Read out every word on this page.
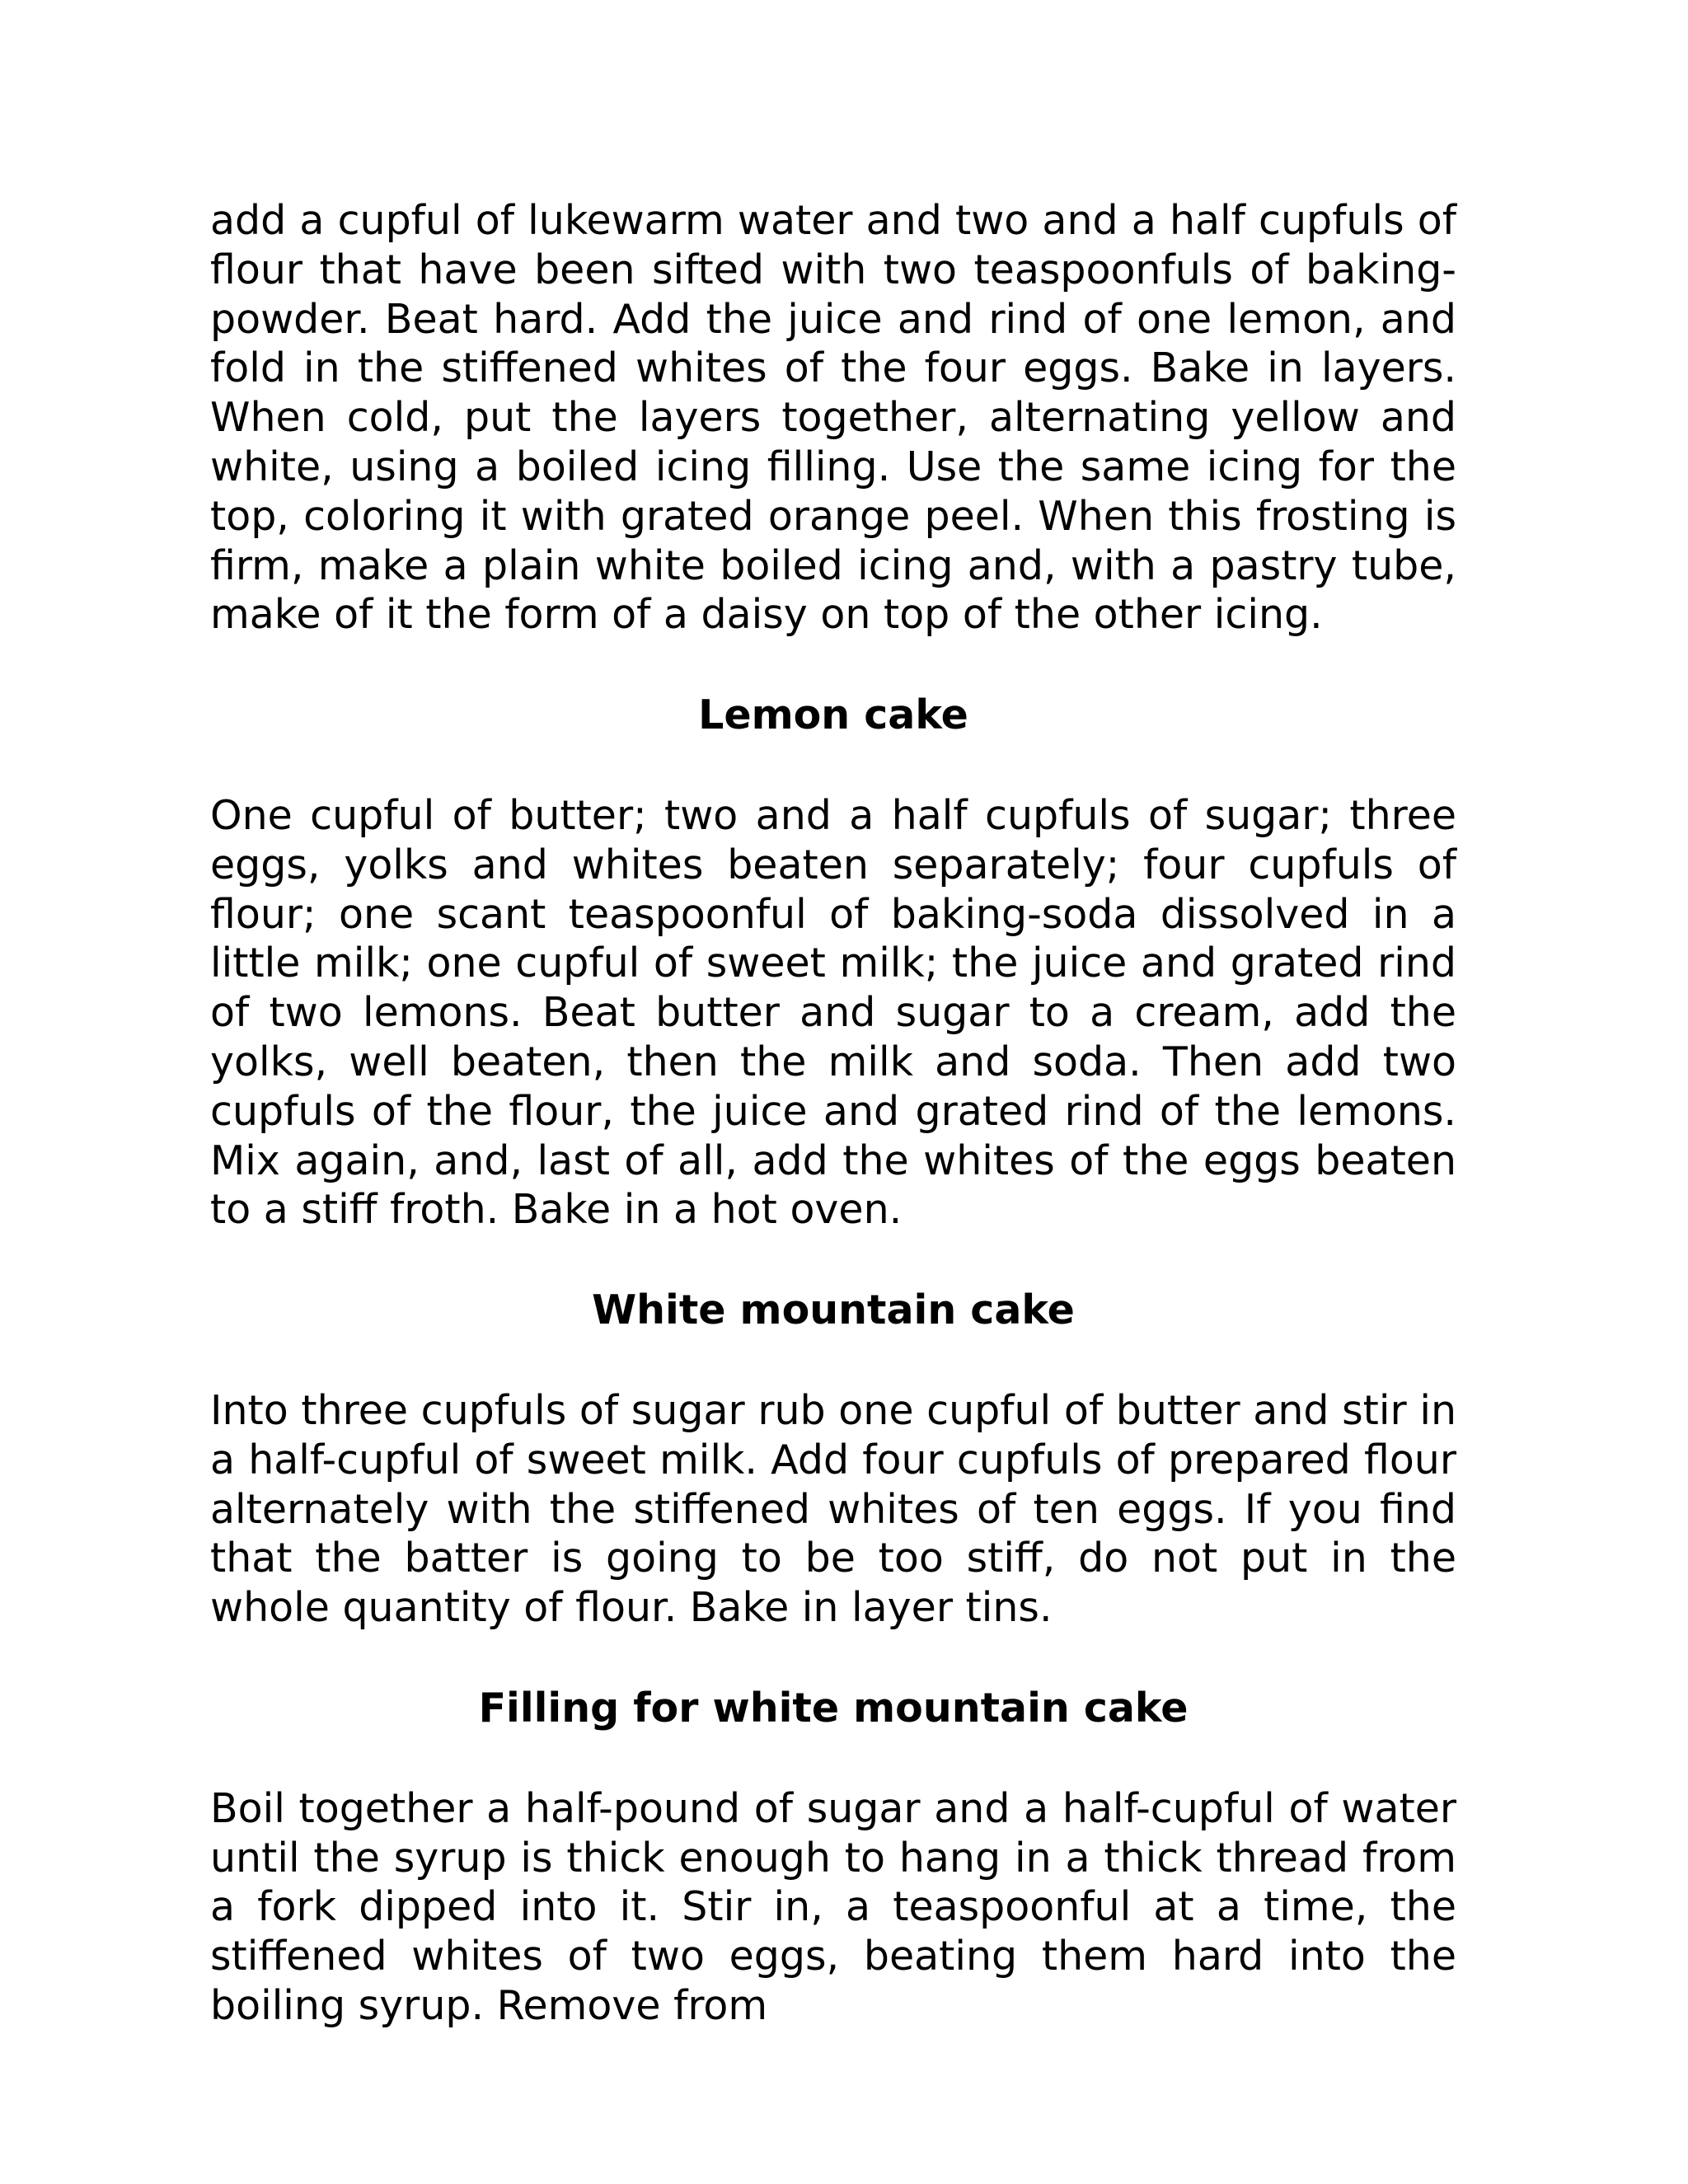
add a cupful of lukewarm water and two and a half cupfuls of flour that have been sifted with two teaspoonfuls of baking-powder. Beat hard. Add the juice and rind of one lemon, and fold in the stiffened whites of the four eggs. Bake in layers. When cold, put the layers together, alternating yellow and white, using a boiled icing filling. Use the same icing for the top, coloring it with grated orange peel. When this frosting is firm, make a plain white boiled icing and, with a pastry tube, make of it the form of a daisy on top of the other icing.

Lemon cake

One cupful of butter; two and a half cupfuls of sugar; three eggs, yolks and whites beaten separately; four cupfuls of flour; one scant teaspoonful of baking-soda dissolved in a little milk; one cupful of sweet milk; the juice and grated rind of two lemons. Beat butter and sugar to a cream, add the yolks, well beaten, then the milk and soda. Then add two cupfuls of the flour, the juice and grated rind of the lemons. Mix again, and, last of all, add the whites of the eggs beaten to a stiff froth. Bake in a hot oven.

White mountain cake

Into three cupfuls of sugar rub one cupful of butter and stir in a half-cupful of sweet milk. Add four cupfuls of prepared flour alternately with the stiffened whites of ten eggs. If you find that the batter is going to be too stiff, do not put in the whole quantity of flour. Bake in layer tins.

Filling for white mountain cake

Boil together a half-pound of sugar and a half-cupful of water until the syrup is thick enough to hang in a thick thread from a fork dipped into it. Stir in, a teaspoonful at a time, the stiffened whites of two eggs, beating them hard into the boiling syrup. Remove from
